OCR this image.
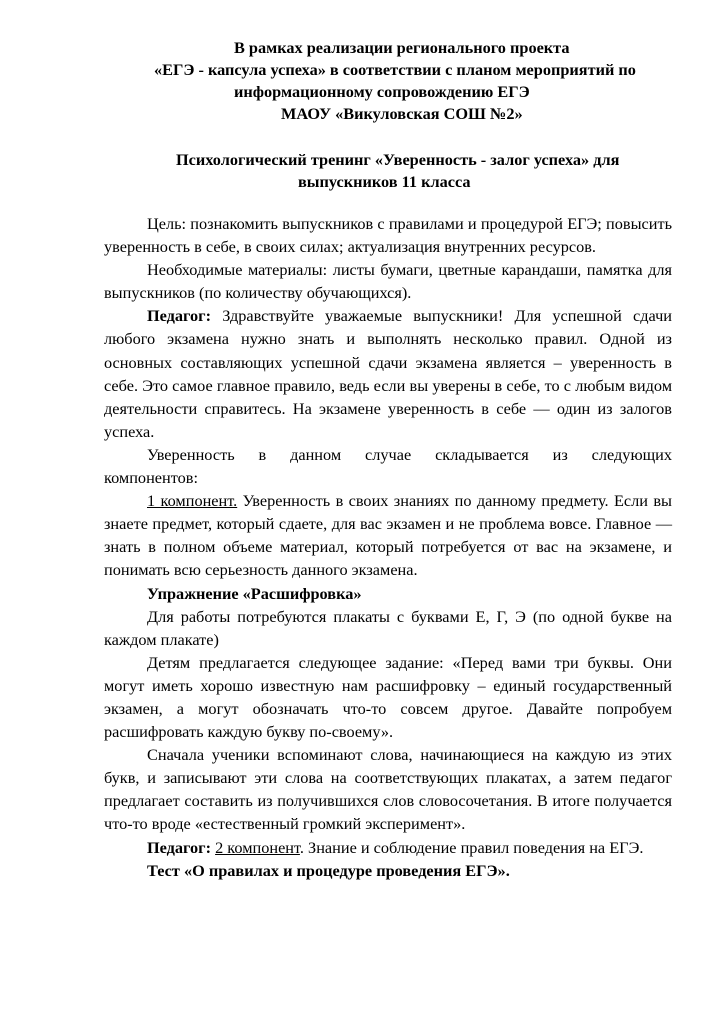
В рамках реализации регионального проекта
«ЕГЭ - капсула успеха» в соответствии с планом мероприятий по
информационному сопровождению ЕГЭ
МАОУ «Викуловская СОШ №2»
Психологический тренинг «Уверенность - залог успеха» для
выпускников 11 класса

Цель: познакомить выпускников с правилами и процедурой ЕГЭ; повысить уверенность в себе, в своих силах; актуализация внутренних ресурсов.

Необходимые материалы: листы бумаги, цветные карандаши, памятка для выпускников (по количеству обучающихся).

Педагог: Здравствуйте уважаемые выпускники! Для успешной сдачи любого экзамена нужно знать и выполнять несколько правил. Одной из основных составляющих успешной сдачи экзамена является – уверенность в себе. Это самое главное правило, ведь если вы уверены в себе, то с любым видом деятельности справитесь. На экзамене уверенность в себе — один из залогов успеха.

Уверенность в данном случае складывается из следующих

компонентов:

1 компонент. Уверенность в своих знаниях по данному предмету. Если вы знаете предмет, который сдаете, для вас экзамен и не проблема вовсе. Главное — знать в полном объеме материал, который потребуется от вас на экзамене, и понимать всю серьезность данного экзамена.

Упражнение «Расшифровка»

Для работы потребуются плакаты с буквами Е, Г, Э (по одной букве на каждом плакате)

Детям предлагается следующее задание: «Перед вами три буквы. Они могут иметь хорошо известную нам расшифровку – единый государственный экзамен, а могут обозначать что-то совсем другое. Давайте попробуем расшифровать каждую букву по-своему».

Сначала ученики вспоминают слова, начинающиеся на каждую из этих букв, и записывают эти слова на соответствующих плакатах, а затем педагог предлагает составить из получившихся слов словосочетания. В итоге получается что-то вроде «естественный громкий эксперимент».

Педагог: 2 компонент. Знание и соблюдение правил поведения на ЕГЭ.

Тест «О правилах и процедуре проведения ЕГЭ».
